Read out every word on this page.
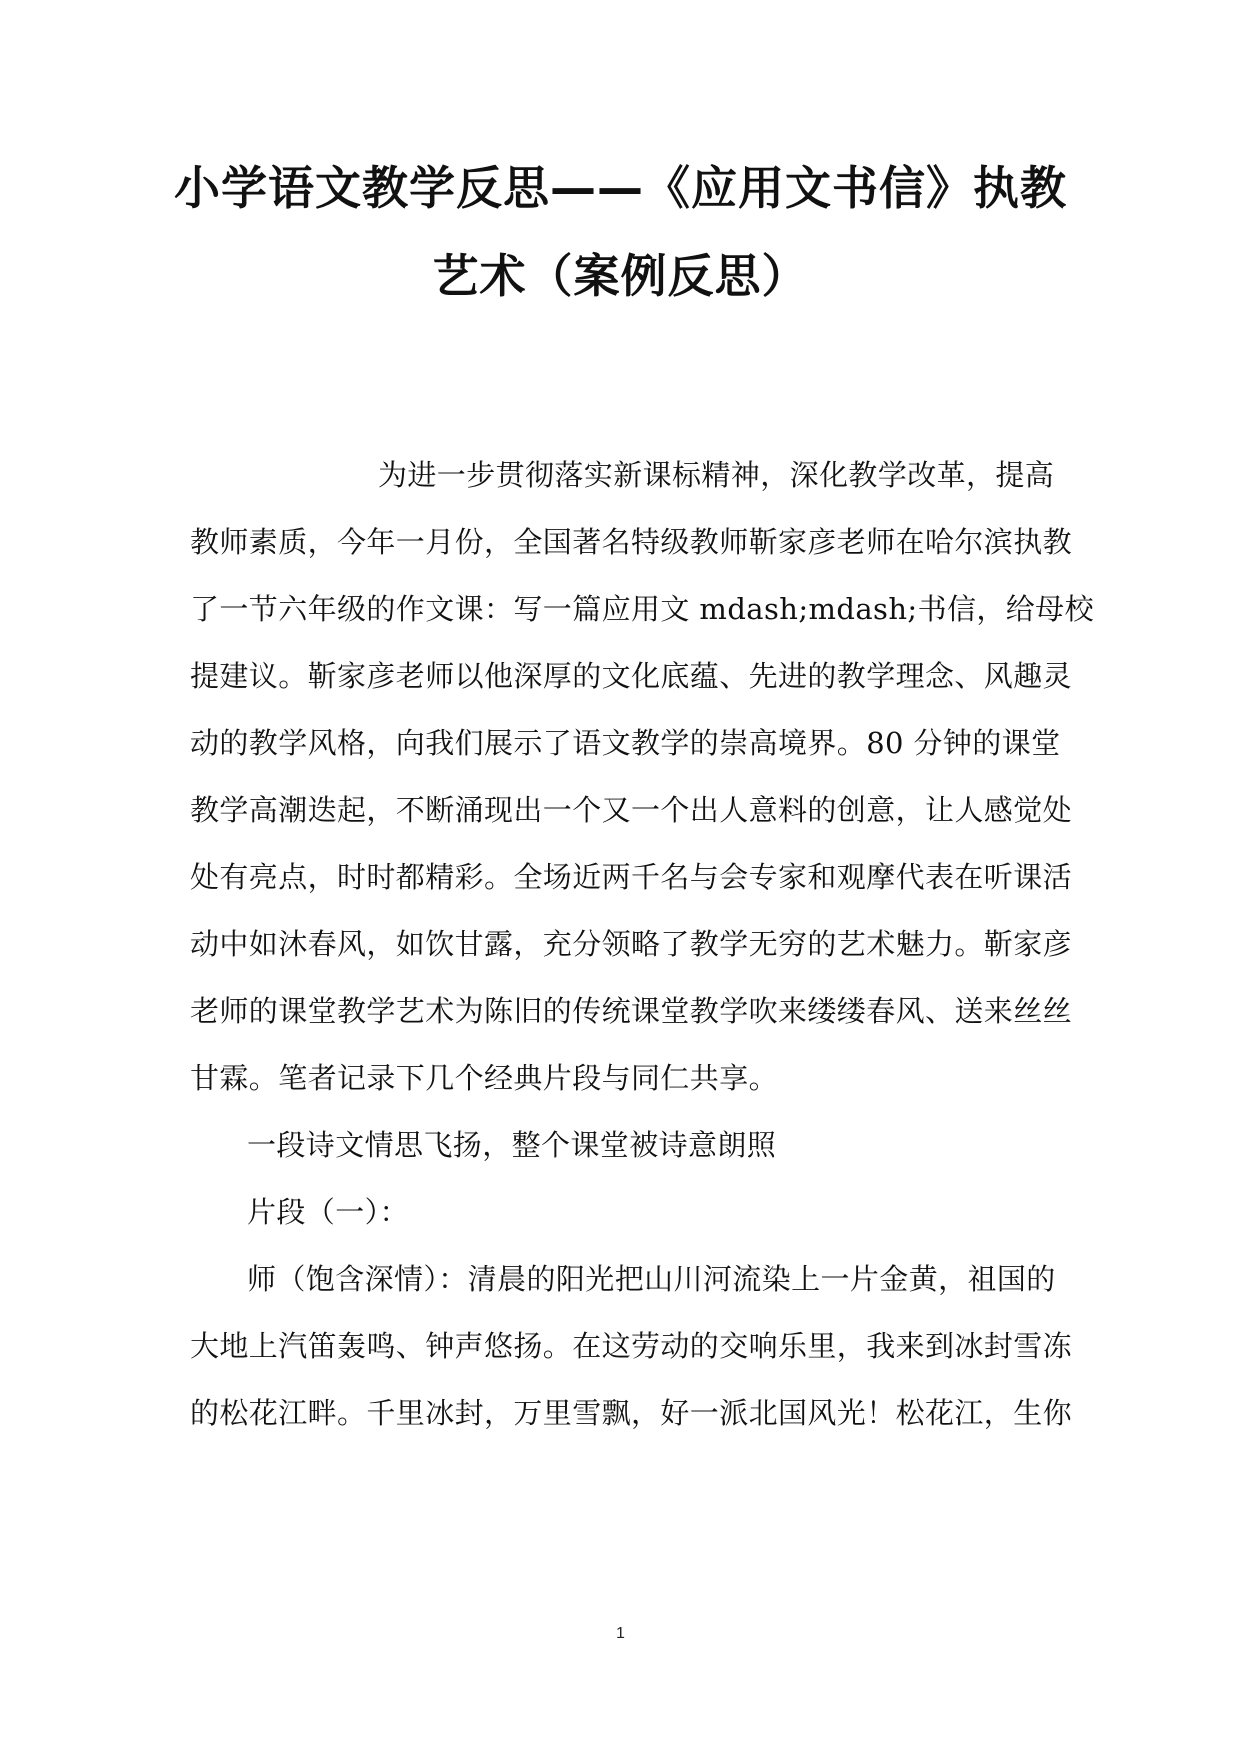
小学语文教学反思——《应用文书信》执教
艺术（案例反思）
为进一步贯彻落实新课标精神，深化教学改革，提高
教师素质，今年一月份，全国著名特级教师靳家彦老师在哈尔滨执教
了一节六年级的作文课：写一篇应用文 mdash;mdash;书信，给母校
提建议。靳家彦老师以他深厚的文化底蕴、先进的教学理念、风趣灵
动的教学风格，向我们展示了语文教学的崇高境界。80 分钟的课堂
教学高潮迭起，不断涌现出一个又一个出人意料的创意，让人感觉处
处有亮点，时时都精彩。全场近两千名与会专家和观摩代表在听课活
动中如沐春风，如饮甘露，充分领略了教学无穷的艺术魅力。靳家彦
老师的课堂教学艺术为陈旧的传统课堂教学吹来缕缕春风、送来丝丝
甘霖。笔者记录下几个经典片段与同仁共享。
一段诗文情思飞扬，整个课堂被诗意朗照
片段（一）：
师（饱含深情）：清晨的阳光把山川河流染上一片金黄，祖国的
大地上汽笛轰鸣、钟声悠扬。在这劳动的交响乐里，我来到冰封雪冻
的松花江畔。千里冰封，万里雪飘，好一派北国风光！松花江，生你
1
